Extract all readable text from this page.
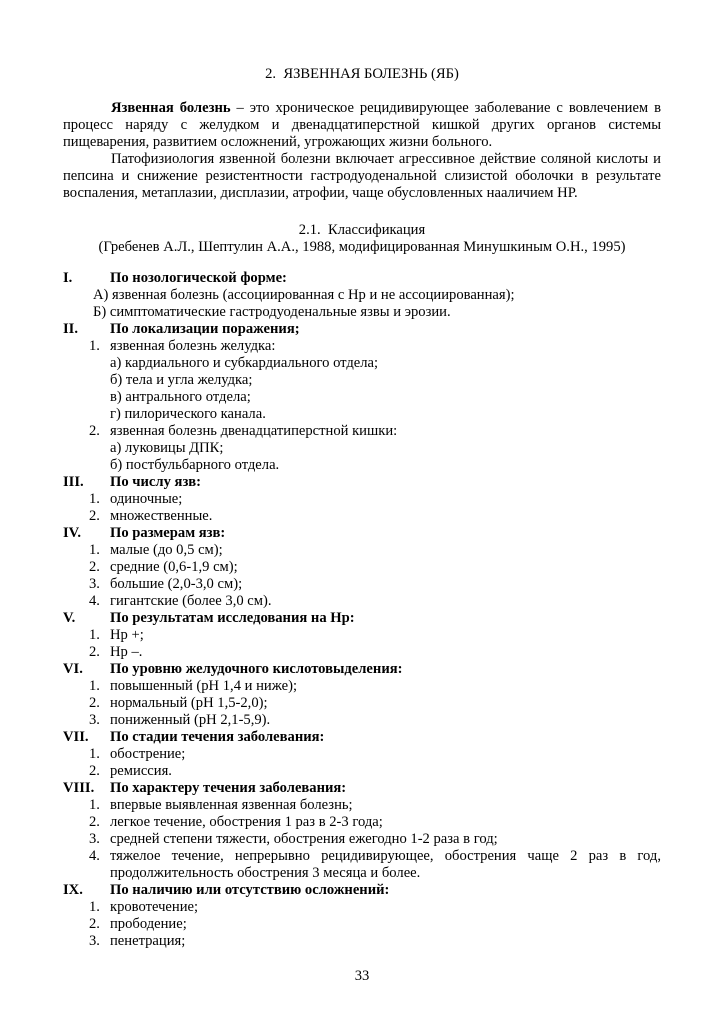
2.  ЯЗВЕННАЯ БОЛЕЗНЬ (ЯБ)

Язвенная болезнь – это хроническое рецидивирующее заболевание с вовлечением в процесс наряду с желудком и двенадцатиперстной кишкой других органов системы пищеварения, развитием осложнений, угрожающих жизни больного.

Патофизиология язвенной болезни включает агрессивное действие соляной кислоты и пепсина и снижение резистентности гастродуоденальной слизистой оболочки в результате воспаления, метаплазии, дисплазии, атрофии, чаще обусловленных нааличием НР.

2.1.  Классификация
(Гребенев А.Л., Шептулин А.А., 1988, модифицированная Минушкиным О.Н., 1995)
I.	По нозологической форме:
А) язвенная болезнь (ассоциированная с Нр и не ассоциированная);
Б) симптоматические гастродуоденальные язвы и эрозии.
II.	По локализации поражения;
1. язвенная болезнь желудка:
а) кардиального и субкардиального отдела;
б) тела и угла желудка;
в) антрального отдела;
г) пилорического канала.
2. язвенная болезнь двенадцатиперстной кишки:
а) луковицы ДПК;
б) постбульбарного отдела.
III.	По числу язв:
1. одиночные;
2. множественные.
IV.	По размерам язв:
1. малые (до 0,5 см);
2. средние (0,6-1,9 см);
3. большие (2,0-3,0 см);
4. гигантские (более 3,0 см).
V.	По результатам исследования на Нр:
1. Нр +;
2. Нр –.
VI.	По уровню желудочного кислотовыделения:
1. повышенный (рН 1,4 и ниже);
2. нормальный (рН 1,5-2,0);
3. пониженный (рН 2,1-5,9).
VII.	По стадии течения заболевания:
1. обострение;
2. ремиссия.
VIII.	По характеру течения заболевания:
1. впервые выявленная язвенная болезнь;
2. легкое течение, обострения 1 раз в 2-3 года;
3. средней степени тяжести, обострения ежегодно 1-2 раза в год;
4. тяжелое течение, непрерывно рецидивирующее, обострения чаще 2 раз в год, продолжительность обострения 3 месяца и более.
IX.	По наличию или отсутствию осложнений:
1. кровотечение;
2. прободение;
3. пенетрация;
33
